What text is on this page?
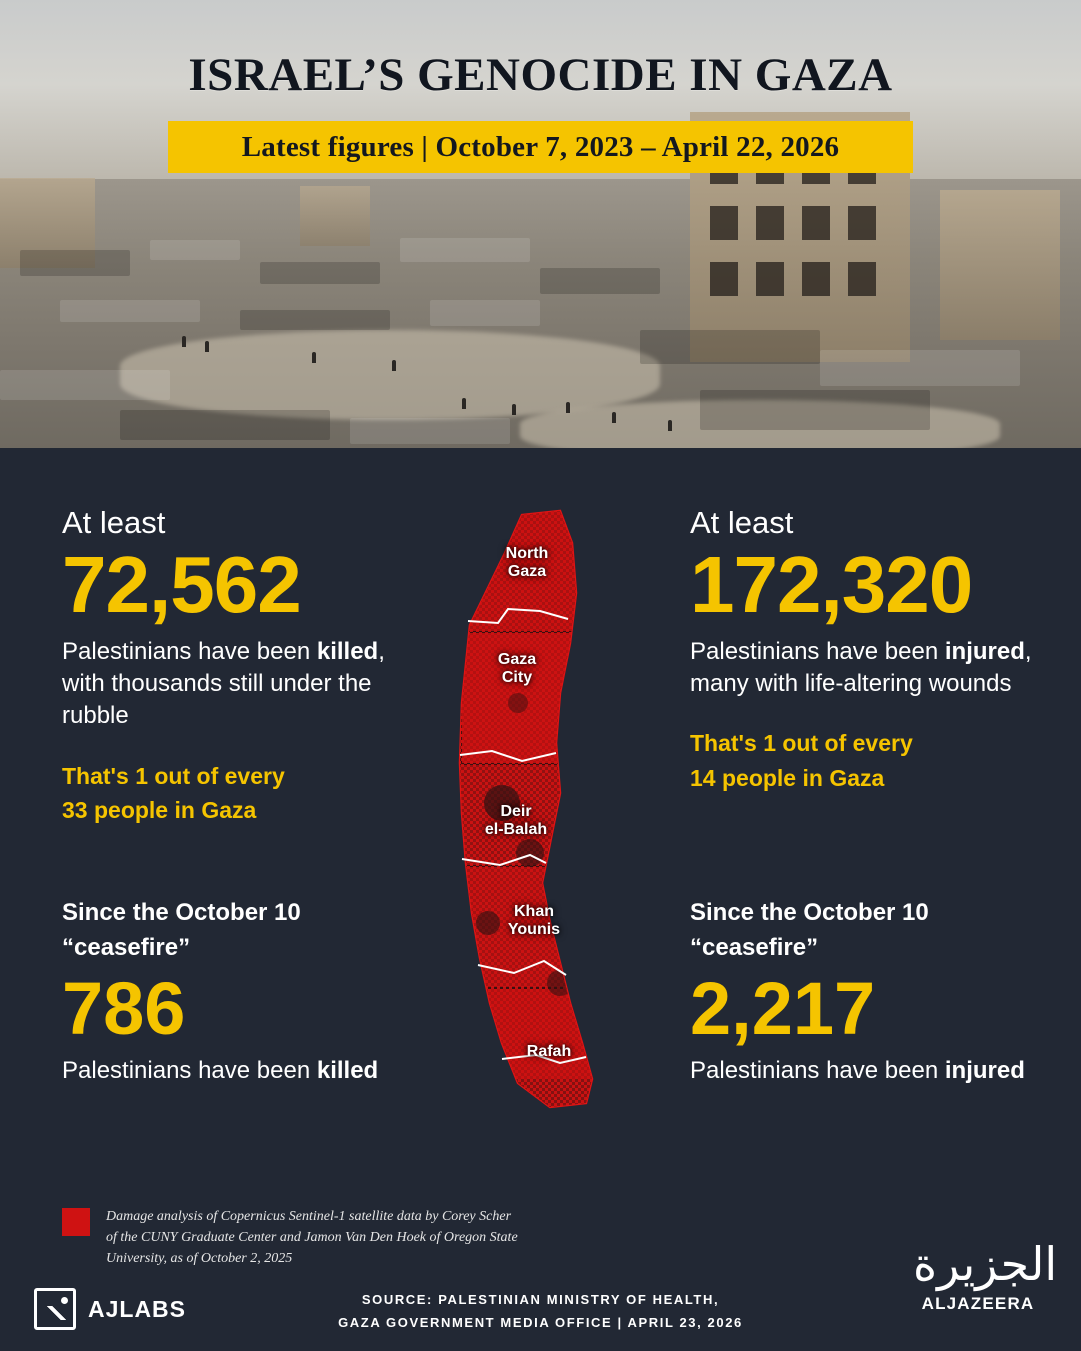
ISRAEL’S GENOCIDE IN GAZA
Latest figures | October 7, 2023 – April 22, 2026
At least
72,562
Palestinians have been killed, with thousands still under the rubble
That's 1 out of every
33 people in Gaza
At least
172,320
Palestinians have been injured, many with life-altering wounds
That's 1 out of every
14 people in Gaza
Since the October 10
“ceasefire”
786
Palestinians have been killed
Since the October 10
“ceasefire”
2,217
Palestinians have been injured
North
Gaza
Gaza
City
Deir
el-Balah
Khan
Younis
Rafah
Damage analysis of Copernicus Sentinel-1 satellite data by Corey Scher
of the CUNY Graduate Center and Jamon Van Den Hoek of Oregon State
University, as of October 2, 2025
SOURCE: PALESTINIAN MINISTRY OF HEALTH,
GAZA GOVERNMENT MEDIA OFFICE | APRIL 23, 2026
AJLABS
الجزيرة
ALJAZEERA
